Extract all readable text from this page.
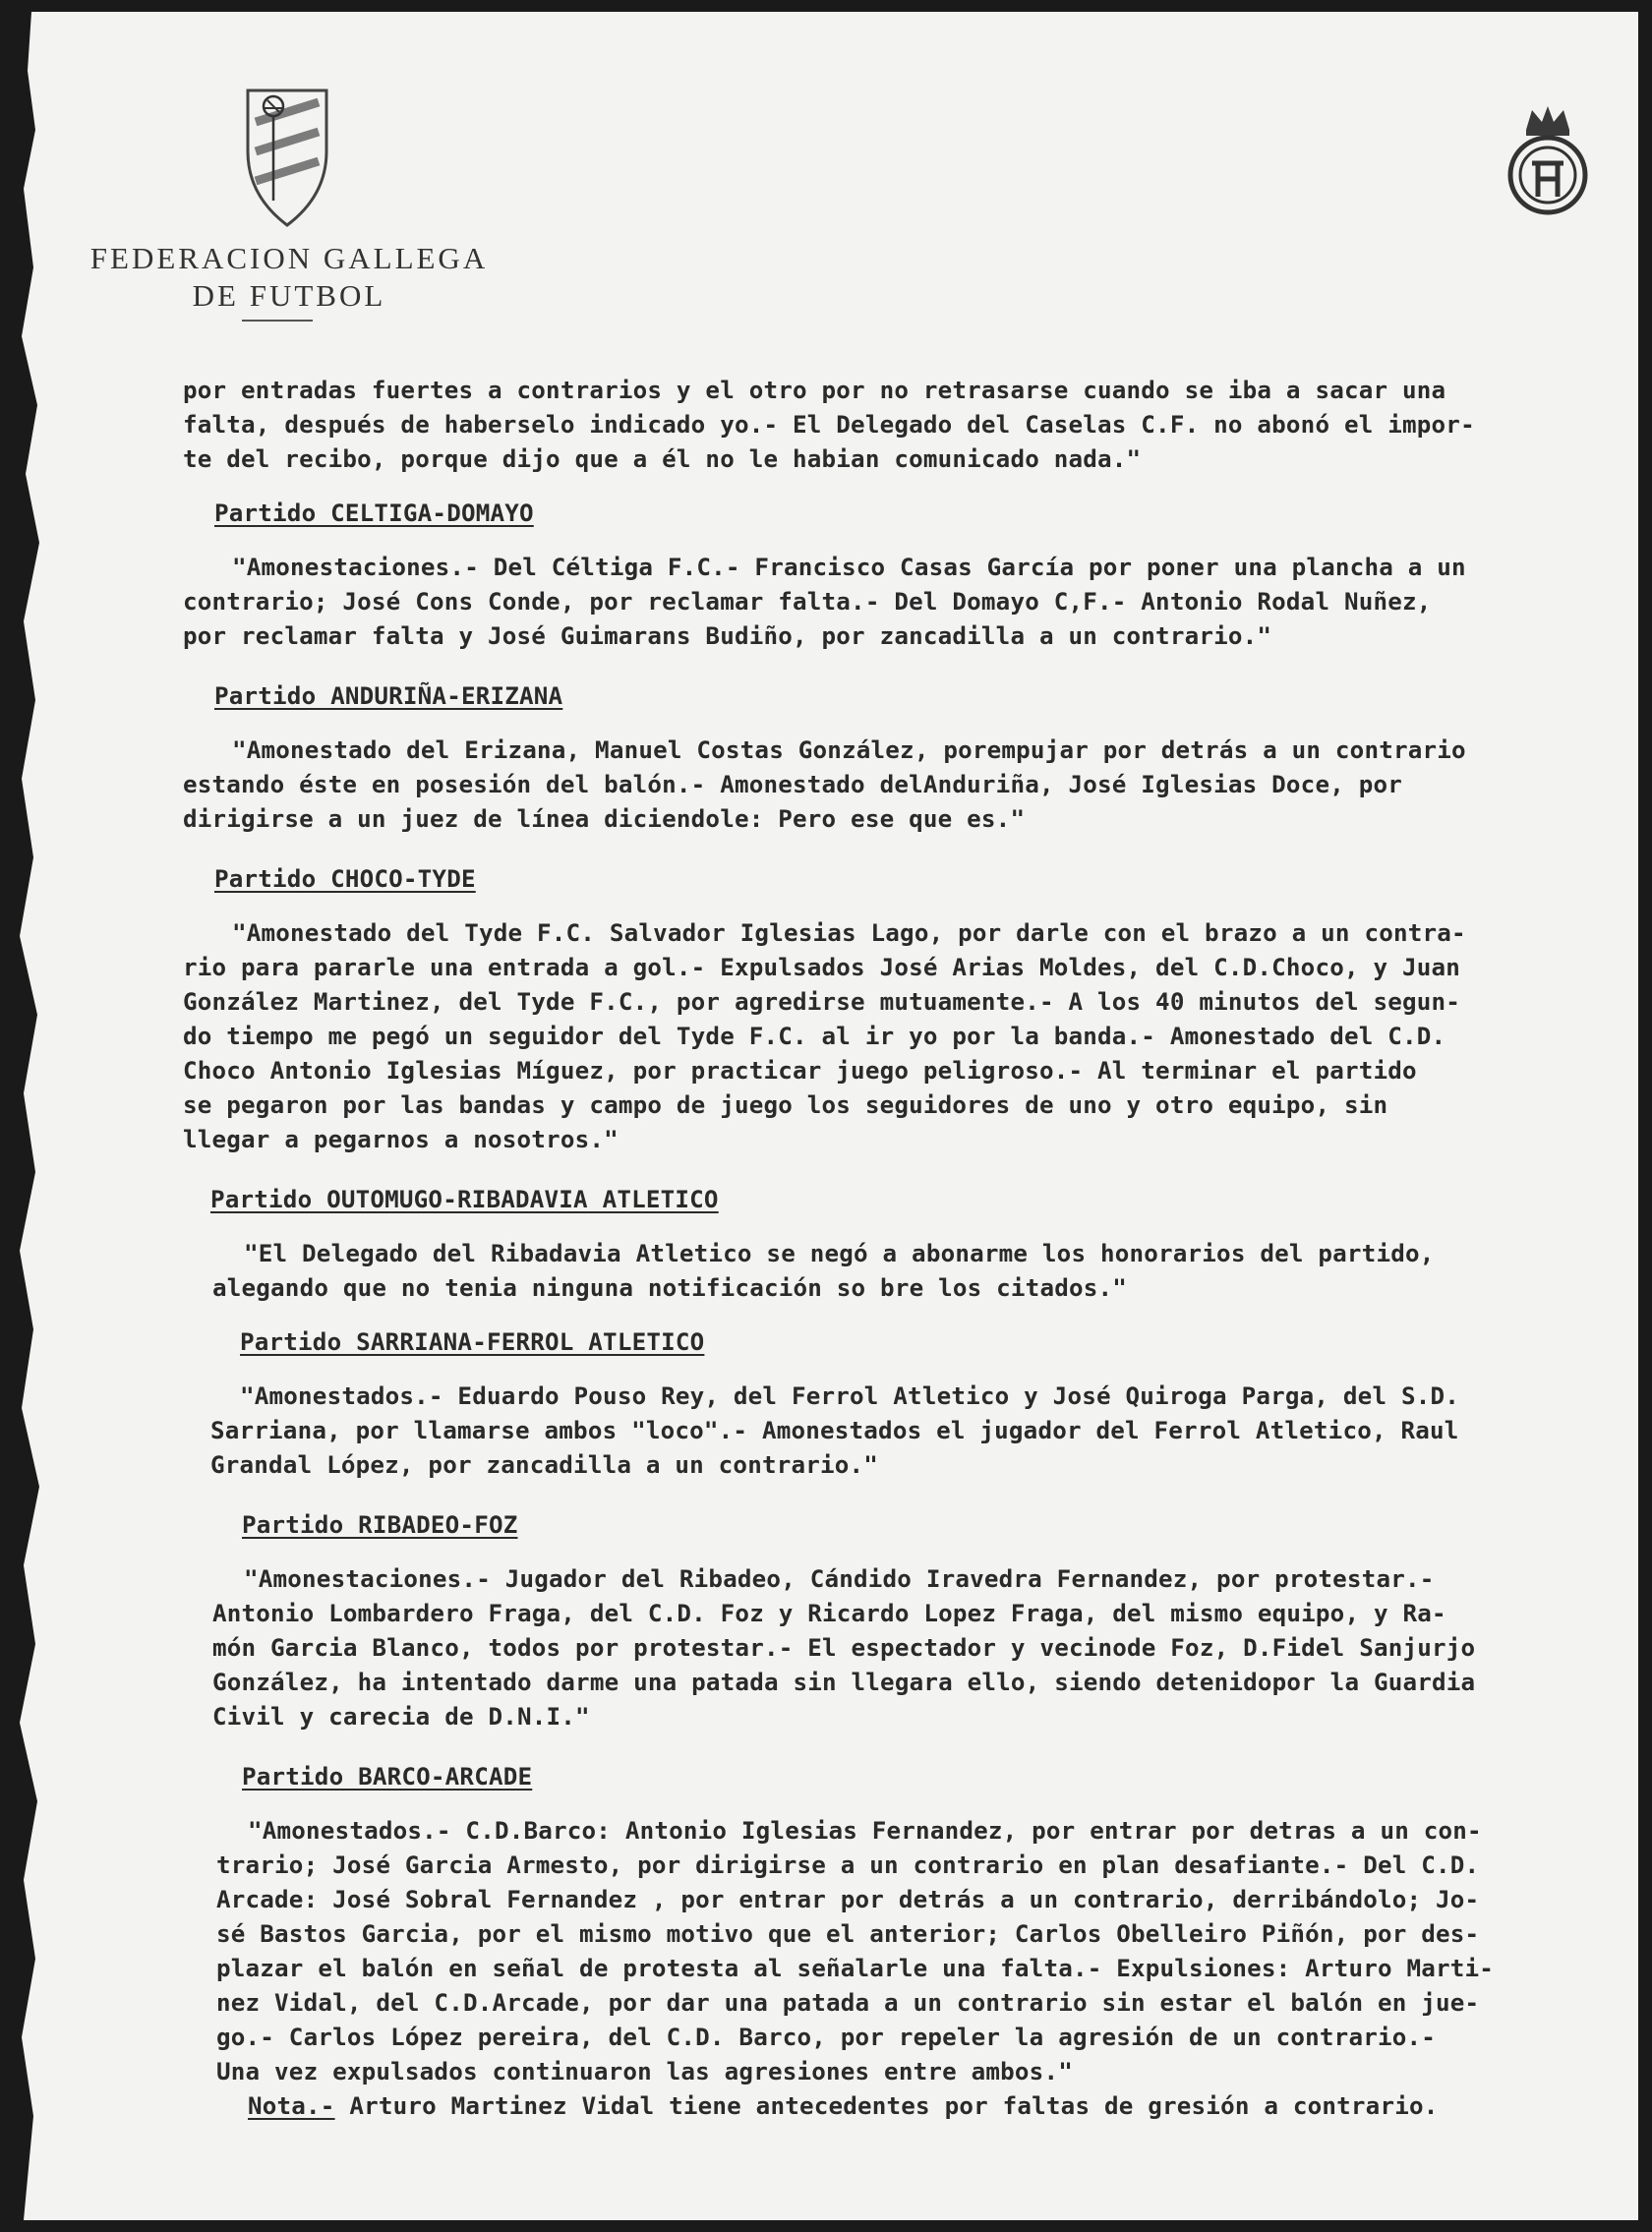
FEDERACION GALLEGA
DE FUTBOL
por entradas fuertes a contrarios y el otro por no retrasarse cuando se iba a sacar una
falta, después de haberselo indicado yo.- El Delegado del Caselas C.F. no abonó el impor-
te del recibo, porque dijo que a él no le habian comunicado nada."
Partido CELTIGA-DOMAYO
"Amonestaciones.- Del Céltiga F.C.- Francisco Casas García por poner una plancha a un
contrario; José Cons Conde, por reclamar falta.- Del Domayo C,F.- Antonio Rodal Nuñez,
por reclamar falta y José Guimarans Budiño, por zancadilla a un contrario."
Partido ANDURIÑA-ERIZANA
"Amonestado del Erizana, Manuel Costas González, porempujar por detrás a un contrario
estando éste en posesión del balón.- Amonestado delAnduriña, José Iglesias Doce, por
dirigirse a un juez de línea diciendole: Pero ese que es."
Partido CHOCO-TYDE
"Amonestado del Tyde F.C. Salvador Iglesias Lago, por darle con el brazo a un contra-
rio para pararle una entrada a gol.- Expulsados José Arias Moldes, del C.D.Choco, y Juan
González Martinez, del Tyde F.C., por agredirse mutuamente.- A los 40 minutos del segun-
do tiempo me pegó un seguidor del Tyde F.C. al ir yo por la banda.- Amonestado del C.D.
Choco Antonio Iglesias Míguez, por practicar juego peligroso.- Al terminar el partido
se pegaron por las bandas y campo de juego los seguidores de uno y otro equipo, sin
llegar a pegarnos a nosotros."
Partido OUTOMUGO-RIBADAVIA ATLETICO
"El Delegado del Ribadavia Atletico se negó a abonarme los honorarios del partido,
alegando que no tenia ninguna notificación so bre los citados."
Partido SARRIANA-FERROL ATLETICO
"Amonestados.- Eduardo Pouso Rey, del Ferrol Atletico y José Quiroga Parga, del S.D.
Sarriana, por llamarse ambos "loco".- Amonestados el jugador del Ferrol Atletico, Raul
Grandal López, por zancadilla a un contrario."
Partido RIBADEO-FOZ
"Amonestaciones.- Jugador del Ribadeo, Cándido Iravedra Fernandez, por protestar.-
Antonio Lombardero Fraga, del C.D. Foz y Ricardo Lopez Fraga, del mismo equipo, y Ra-
món Garcia Blanco, todos por protestar.- El espectador y vecinode Foz, D.Fidel Sanjurjo
González, ha intentado darme una patada sin llegara ello, siendo detenidopor la Guardia
Civil y carecia de D.N.I."
Partido BARCO-ARCADE
"Amonestados.- C.D.Barco: Antonio Iglesias Fernandez, por entrar por detras a un con-
trario; José Garcia Armesto, por dirigirse a un contrario en plan desafiante.- Del C.D.
Arcade: José Sobral Fernandez , por entrar por detrás a un contrario, derribándolo; Jo-
sé Bastos Garcia, por el mismo motivo que el anterior; Carlos Obelleiro Piñón, por des-
plazar el balón en señal de protesta al señalarle una falta.- Expulsiones: Arturo Marti-
nez Vidal, del C.D.Arcade, por dar una patada a un contrario sin estar el balón en jue-
go.- Carlos López pereira, del C.D. Barco, por repeler la agresión de un contrario.-
Una vez expulsados continuaron las agresiones entre ambos."
Nota.- Arturo Martinez Vidal tiene antecedentes por faltas de gresión a contrario.
